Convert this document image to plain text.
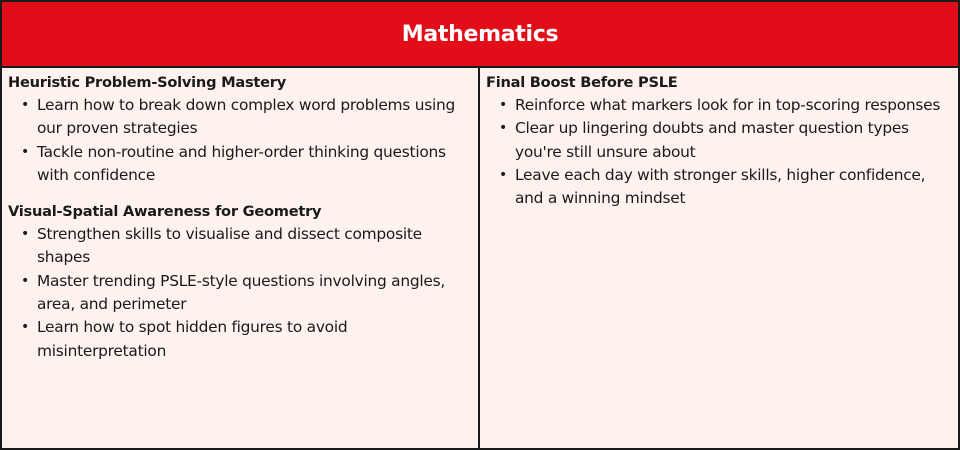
Mathematics
Heuristic Problem-Solving Mastery
• Learn how to break down complex word problems using our proven strategies
• Tackle non-routine and higher-order thinking questions with confidence
Visual-Spatial Awareness for Geometry
• Strengthen skills to visualise and dissect composite shapes
• Master trending PSLE-style questions involving angles, area, and perimeter
• Learn how to spot hidden figures to avoid misinterpretation
Final Boost Before PSLE
• Reinforce what markers look for in top-scoring responses
• Clear up lingering doubts and master question types you're still unsure about
• Leave each day with stronger skills, higher confidence, and a winning mindset
